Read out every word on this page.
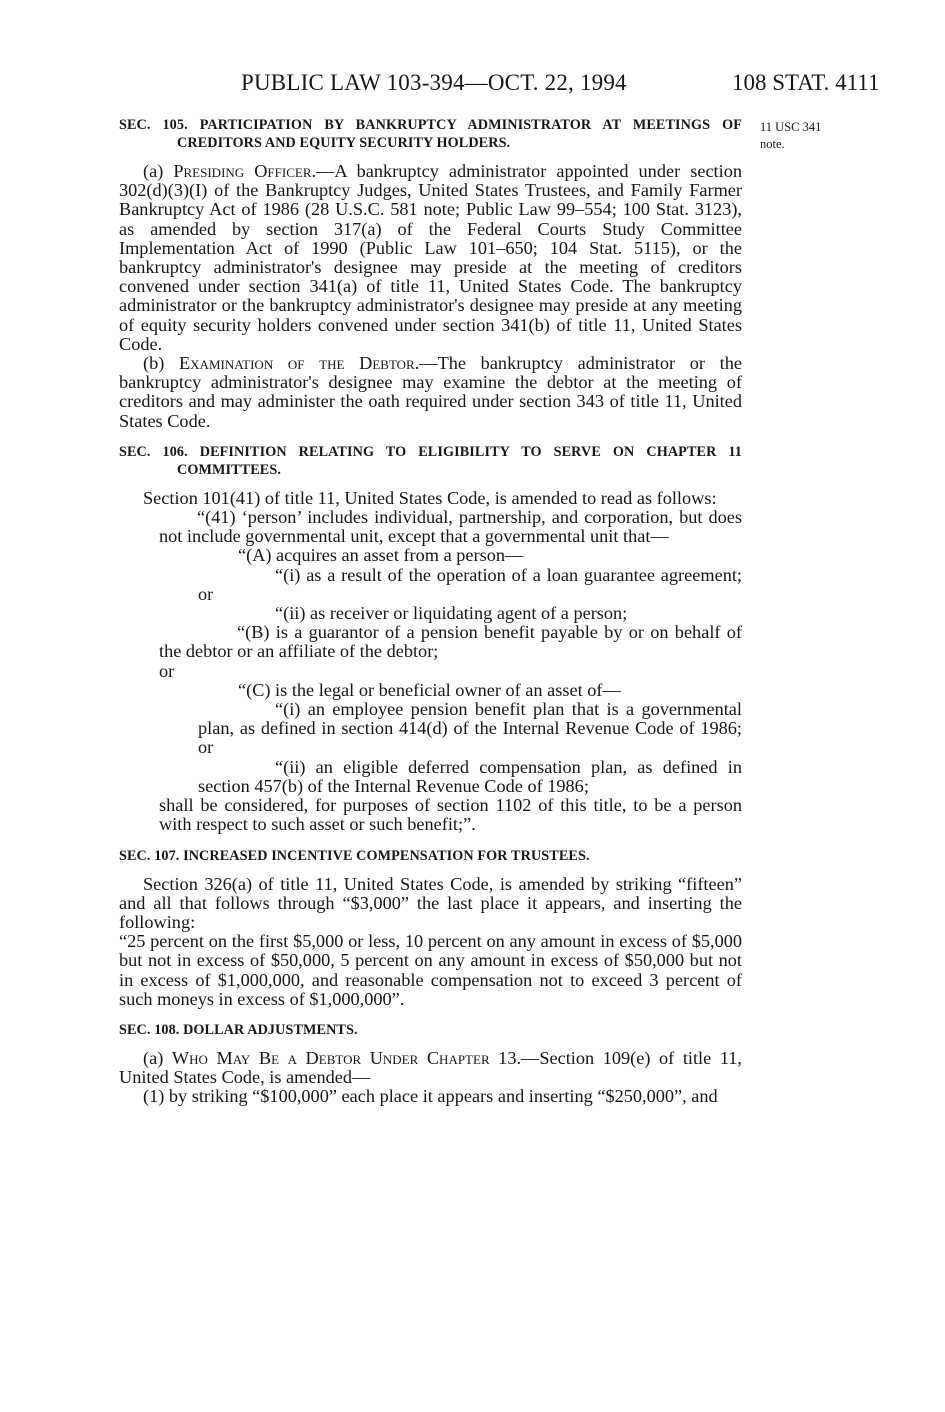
PUBLIC LAW 103-394—OCT. 22, 1994	108 STAT. 4111
11 USC 341
note.

SEC. 105. PARTICIPATION BY BANKRUPTCY ADMINISTRATOR AT MEETINGS OF CREDITORS AND EQUITY SECURITY HOLDERS.

(a) Presiding Officer.—A bankruptcy administrator appointed under section 302(d)(3)(I) of the Bankruptcy Judges, United States Trustees, and Family Farmer Bankruptcy Act of 1986 (28 U.S.C. 581 note; Public Law 99–554; 100 Stat. 3123), as amended by section 317(a) of the Federal Courts Study Committee Implementation Act of 1990 (Public Law 101–650; 104 Stat. 5115), or the bankruptcy administrator's designee may preside at the meeting of creditors convened under section 341(a) of title 11, United States Code. The bankruptcy administrator or the bankruptcy administrator's designee may preside at any meeting of equity security holders convened under section 341(b) of title 11, United States Code.

(b) Examination of the Debtor.—The bankruptcy administrator or the bankruptcy administrator's designee may examine the debtor at the meeting of creditors and may administer the oath required under section 343 of title 11, United States Code.

SEC. 106. DEFINITION RELATING TO ELIGIBILITY TO SERVE ON CHAPTER 11 COMMITTEES.

Section 101(41) of title 11, United States Code, is amended to read as follows:

“(41) ‘person’ includes individual, partnership, and corporation, but does not include governmental unit, except that a governmental unit that—

“(A) acquires an asset from a person—

“(i) as a result of the operation of a loan guarantee agreement; or

“(ii) as receiver or liquidating agent of a person;

“(B) is a guarantor of a pension benefit payable by or on behalf of the debtor or an affiliate of the debtor;

or

“(C) is the legal or beneficial owner of an asset of—

“(i) an employee pension benefit plan that is a governmental plan, as defined in section 414(d) of the Internal Revenue Code of 1986; or

“(ii) an eligible deferred compensation plan, as defined in section 457(b) of the Internal Revenue Code of 1986;

shall be considered, for purposes of section 1102 of this title, to be a person with respect to such asset or such benefit;”.

SEC. 107. INCREASED INCENTIVE COMPENSATION FOR TRUSTEES.

Section 326(a) of title 11, United States Code, is amended by striking “fifteen” and all that follows through “$3,000” the last place it appears, and inserting the following:

“25 percent on the first $5,000 or less, 10 percent on any amount in excess of $5,000 but not in excess of $50,000, 5 percent on any amount in excess of $50,000 but not in excess of $1,000,000, and reasonable compensation not to exceed 3 percent of such moneys in excess of $1,000,000”.

SEC. 108. DOLLAR ADJUSTMENTS.

(a) Who May Be a Debtor Under Chapter 13.—Section 109(e) of title 11, United States Code, is amended—

(1) by striking “$100,000” each place it appears and inserting “$250,000”, and
